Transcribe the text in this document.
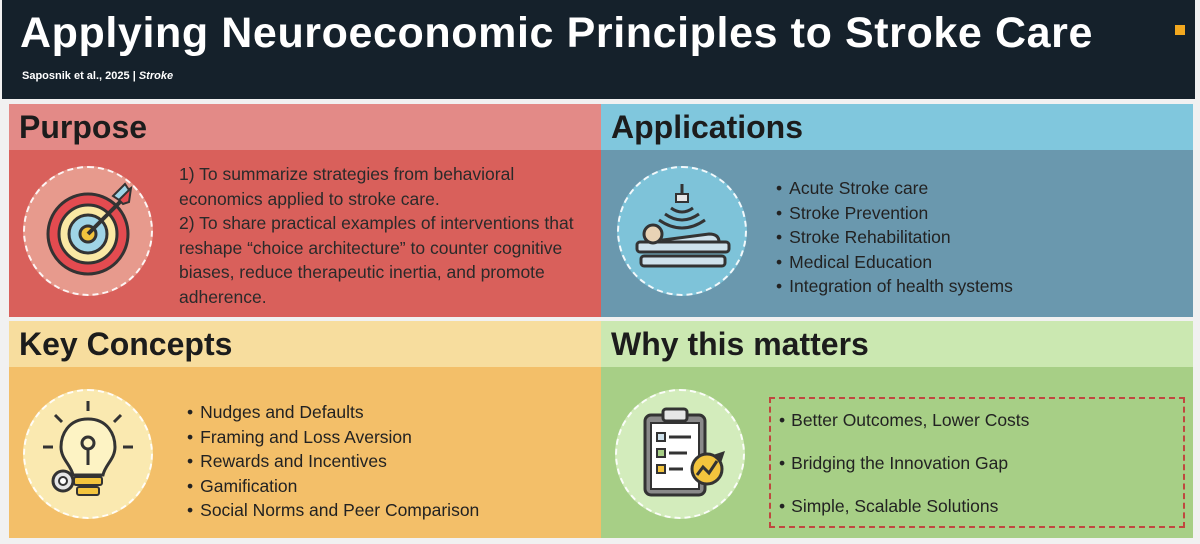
Applying Neuroeconomic Principles to Stroke Care
Saposnik et al., 2025 | Stroke
Purpose

1) To summarize strategies from behavioral economics applied to stroke care.

2) To share practical examples of interventions that reshape “choice architecture” to counter cognitive biases, reduce therapeutic inertia, and promote adherence.

Applications
• Acute Stroke care
• Stroke Prevention
• Stroke Rehabilitation
• Medical Education
• Integration of health systems
Key Concepts
• Nudges and Defaults
• Framing and Loss Aversion
• Rewards and Incentives
• Gamification
• Social Norms and Peer Comparison
Why this matters
• Better Outcomes, Lower Costs
• Bridging the Innovation Gap
• Simple, Scalable Solutions
